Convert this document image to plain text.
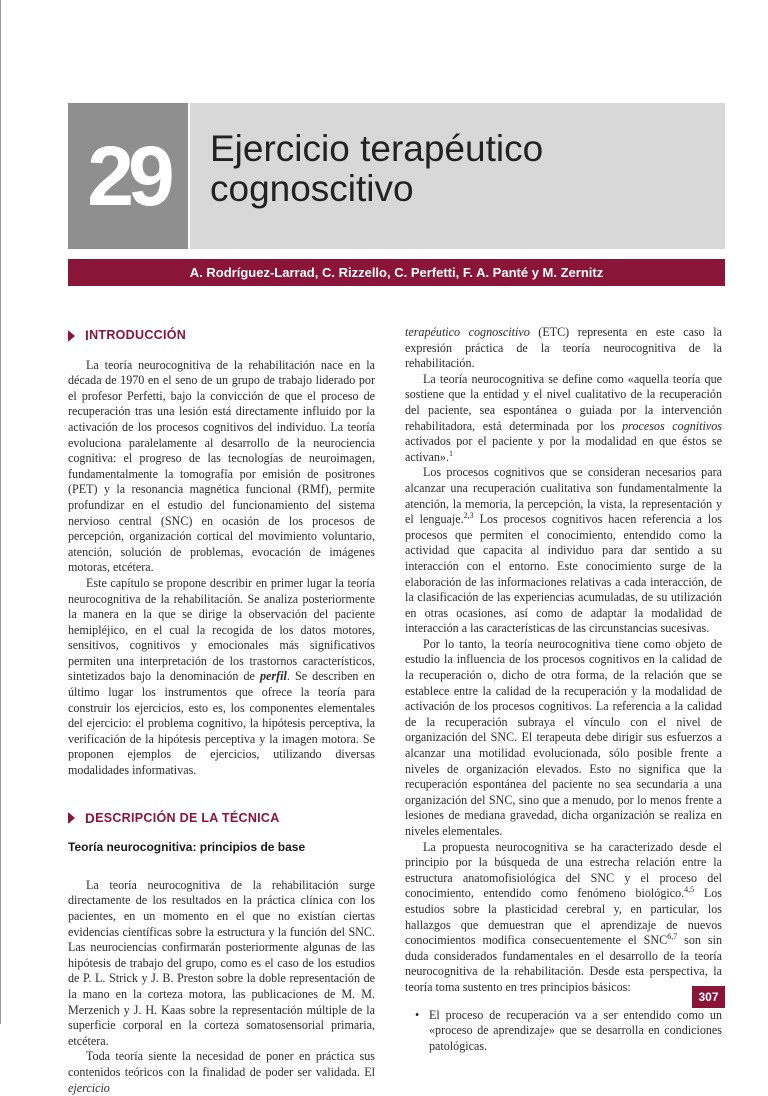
29	Ejercicio terapéutico
cognoscitivo
A. Rodríguez-Larrad, C. Rizzello, C. Perfetti, F. A. Panté y M. Zernitz
I NTRODUCCIÓN

La teoría neurocognitiva de la rehabilitación nace en la década de 1970 en el seno de un grupo de trabajo liderado por el profesor Perfetti, bajo la convicción de que el proceso de recuperación tras una lesión está directamente influido por la activación de los procesos cognitivos del individuo. La teoría evoluciona paralelamente al desarrollo de la neurociencia cognitiva: el progreso de las tecnologías de neuroimagen, fundamentalmente la tomografía por emisión de positrones (PET) y la resonancia magnética funcional (RMf), permite profundizar en el estudio del funcionamiento del sistema nervioso central (SNC) en ocasión de los procesos de percepción, organización cortical del movimiento voluntario, atención, solución de problemas, evocación de imágenes motoras, etcétera.

Este capítulo se propone describir en primer lugar la teoría neurocognitiva de la rehabilitación. Se analiza posteriormente la manera en la que se dirige la observación del paciente hemipléjico, en el cual la recogida de los datos motores, sensitivos, cognitivos y emocionales más significativos permiten una interpretación de los trastornos característicos, sintetizados bajo la denominación de perfil. Se describen en último lugar los instrumentos que ofrece la teoría para construir los ejercicios, esto es, los componentes elementales del ejercicio: el problema cognitivo, la hipótesis perceptiva, la verificación de la hipótesis perceptiva y la imagen motora. Se proponen ejemplos de ejercicios, utilizando diversas modalidades informativas.

D ESCRIPCIÓN DE LA TÉCNICA
Teoría neurocognitiva: principios de base

La teoría neurocognitiva de la rehabilitación surge directamente de los resultados en la práctica clínica con los pacientes, en un momento en el que no existían ciertas evidencias científicas sobre la estructura y la función del SNC. Las neurociencias confirmarán posteriormente algunas de las hipótesis de trabajo del grupo, como es el caso de los estudios de P. L. Strick y J. B. Preston sobre la doble representación de la mano en la corteza motora, las publicaciones de M. M. Merzenich y J. H. Kaas sobre la representación múltiple de la superficie corporal en la corteza somatosensorial primaria, etcétera.

Toda teoría siente la necesidad de poner en práctica sus contenidos teóricos con la finalidad de poder ser validada. El ejercicio

terapéutico cognoscitivo (ETC) representa en este caso la expresión práctica de la teoría neurocognitiva de la rehabilitación.

La teoría neurocognitiva se define como «aquella teoría que sostiene que la entidad y el nivel cualitativo de la recuperación del paciente, sea espontánea o guiada por la intervención rehabilitadora, está determinada por los procesos cognitivos activados por el paciente y por la modalidad en que éstos se activan».$^1$

Los procesos cognitivos que se consideran necesarios para alcanzar una recuperación cualitativa son fundamentalmente la atención, la memoria, la percepción, la vista, la representación y el lenguaje.$^{2,3}$ Los procesos cognitivos hacen referencia a los procesos que permiten el conocimiento, entendido como la actividad que capacita al individuo para dar sentido a su interacción con el entorno. Este conocimiento surge de la elaboración de las informaciones relativas a cada interacción, de la clasificación de las experiencias acumuladas, de su utilización en otras ocasiones, así como de adaptar la modalidad de interacción a las características de las circunstancias sucesivas.

Por lo tanto, la teoría neurocognitiva tiene como objeto de estudio la influencia de los procesos cognitivos en la calidad de la recuperación o, dicho de otra forma, de la relación que se establece entre la calidad de la recuperación y la modalidad de activación de los procesos cognitivos. La referencia a la calidad de la recuperación subraya el vínculo con el nivel de organización del SNC. El terapeuta debe dirigir sus esfuerzos a alcanzar una motilidad evolucionada, sólo posible frente a niveles de organización elevados. Esto no significa que la recuperación espontánea del paciente no sea secundaria a una organización del SNC, sino que a menudo, por lo menos frente a lesiones de mediana gravedad, dicha organización se realiza en niveles elementales.

La propuesta neurocognitiva se ha caracterizado desde el principio por la búsqueda de una estrecha relación entre la estructura anatomofisiológica del SNC y el proceso del conocimiento, entendido como fenómeno biológico.$^{4,5}$ Los estudios sobre la plasticidad cerebral y, en particular, los hallazgos que demuestran que el aprendizaje de nuevos conocimientos modifica consecuentemente el SNC$^{6,7}$ son sin duda considerados fundamentales en el desarrollo de la teoría neurocognitiva de la rehabilitación. Desde esta perspectiva, la teoría toma sustento en tres principios básicos:

• El proceso de recuperación va a ser entendido como un «proceso de aprendizaje» que se desarrolla en condiciones patológicas.
307
